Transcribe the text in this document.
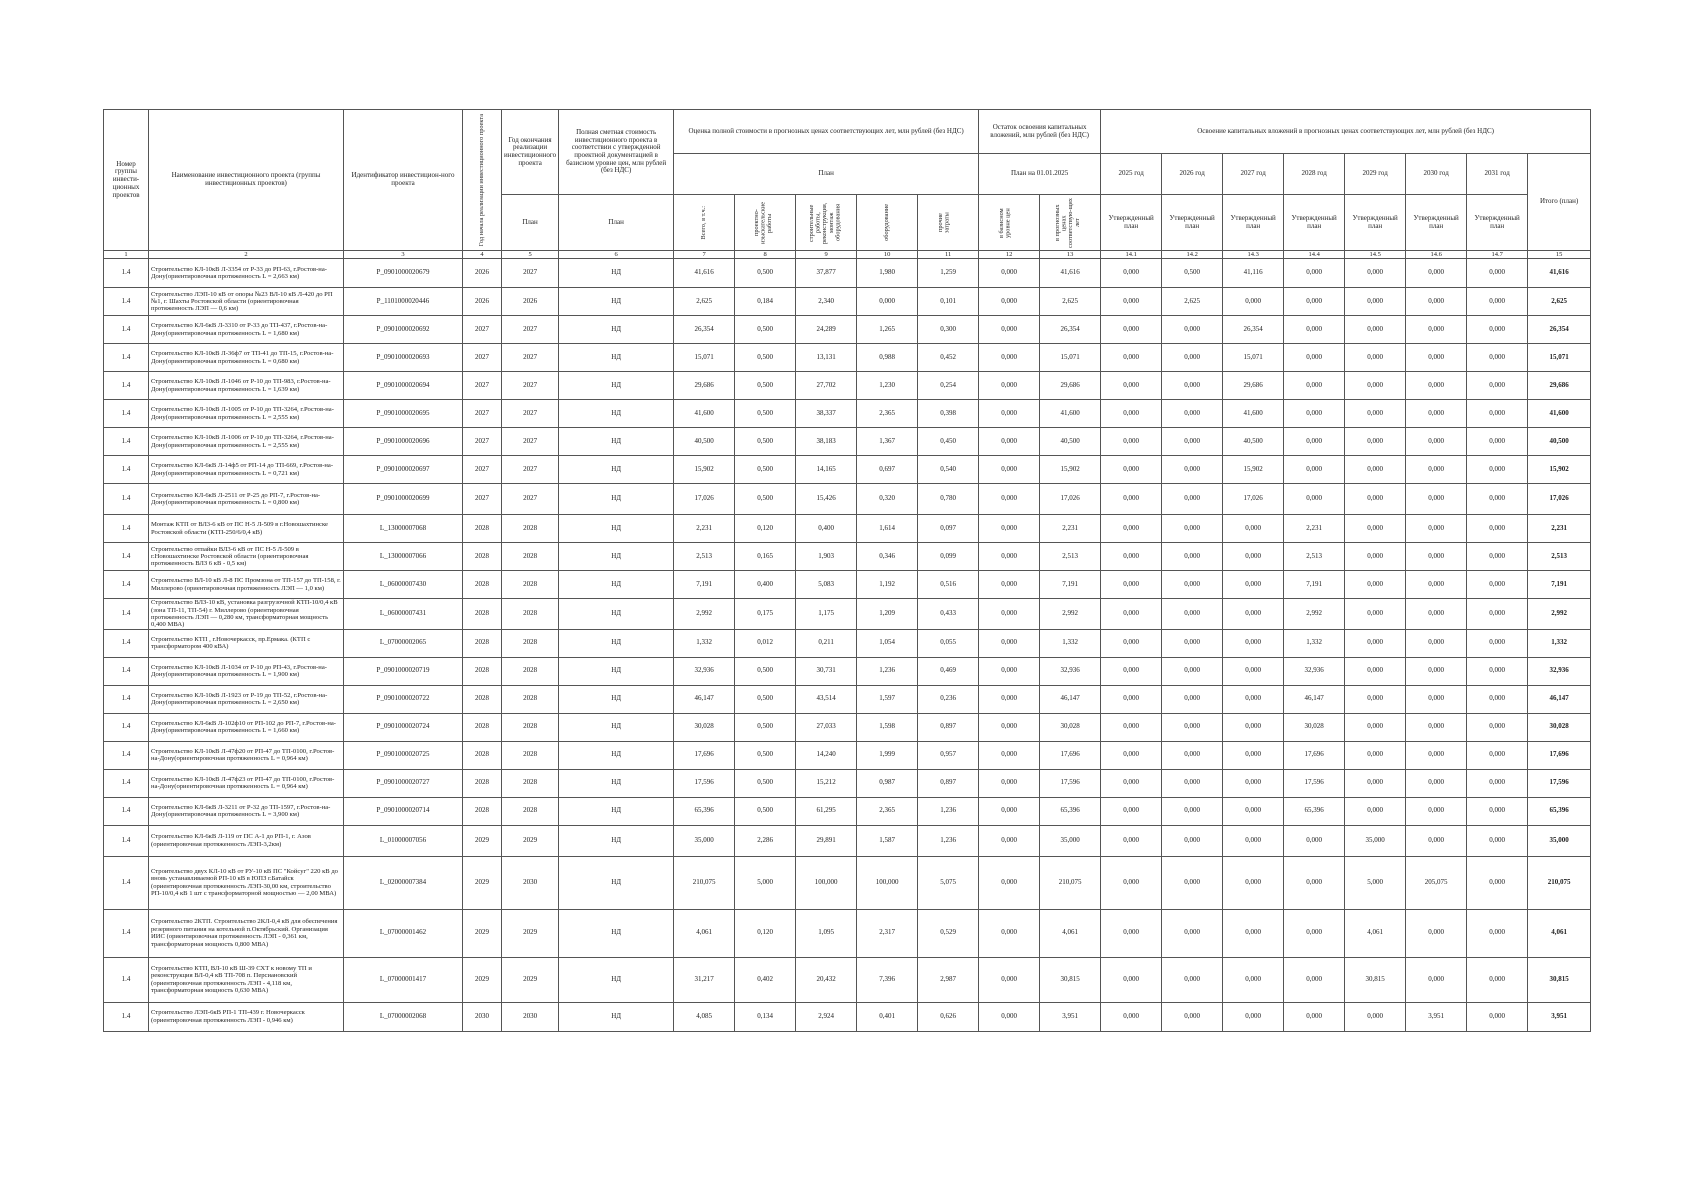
Номер группы инвести-ционных проектов	Наименование инвестиционного проекта (группы инвестиционных проектов)	Идентификатор инвестицион-ного проекта	Год начала реализации инвестиционного проекта	Год окончания реализации инвестиционного проекта	Полная сметная стоимость инвестиционного проекта в соответствии с утвержденной проектной документацией в базисном уровне цен, млн рублей (без НДС)	Оценка полной стоимости в прогнозных ценах соответствующих лет, млн рублей (без НДС)					Остаток освоения капитальных вложений, млн рублей (без НДС)		Освоение капитальных вложений в прогнозных ценах соответствующих лет, млн рублей (без НДС)							
						План					План на 01.01.2025		2025 год	2026 год	2027 год	2028 год	2029 год	2030 год	2031 год	Итого (план)
				План	План	Всего, в т.ч.:	проектно-изыскательские работы	строительные работы, реконструкция, монтаж оборудования	оборудование	прочие затраты	в базисном уровне цен	в прогнозных ценах соответствую-щих лет	Утвержденный план	Утвержденный план	Утвержденный план	Утвержденный план	Утвержденный план	Утвержденный план	Утвержденный план	
1	2	3	4	5	6	7	8	9	10	11	12	13	14.1	14.2	14.3	14.4	14.5	14.6	14.7	15
1.4	Строительство КЛ-10кВ Л-3354 от Р-33 до РП-63, г.Ростов-на-Дону(ориентировочная протяженность L = 2,663 км)	P_0901000020679	2026	2027	НД	41,616	0,500	37,877	1,980	1,259	0,000	41,616	0,000	0,500	41,116	0,000	0,000	0,000	0,000	41,616
1.4	Строительство ЛЭП-10 кВ от опоры №23 ВЛ-10 кВ Л-420 до РП №1, г. Шахты Ростовской области (ориентировочная протяженность ЛЭП — 0,6 км)	P_1101000020446	2026	2026	НД	2,625	0,184	2,340	0,000	0,101	0,000	2,625	0,000	2,625	0,000	0,000	0,000	0,000	0,000	2,625
1.4	Строительство КЛ-6кВ Л-3310 от Р-33 до ТП-437, г.Ростов-на-Дону(ориентировочная протяженность L = 1,680 км)	P_0901000020692	2027	2027	НД	26,354	0,500	24,289	1,265	0,300	0,000	26,354	0,000	0,000	26,354	0,000	0,000	0,000	0,000	26,354
1.4	Строительство КЛ-10кВ Л-36ф7 от ТП-41 до ТП-15, г.Ростов-на-Дону(ориентировочная протяженность L = 0,680 км)	P_0901000020693	2027	2027	НД	15,071	0,500	13,131	0,988	0,452	0,000	15,071	0,000	0,000	15,071	0,000	0,000	0,000	0,000	15,071
1.4	Строительство КЛ-10кВ Л-1046 от Р-10 до ТП-983, г.Ростов-на-Дону(ориентировочная протяженность L = 1,639 км)	P_0901000020694	2027	2027	НД	29,686	0,500	27,702	1,230	0,254	0,000	29,686	0,000	0,000	29,686	0,000	0,000	0,000	0,000	29,686
1.4	Строительство КЛ-10кВ Л-1005 от Р-10 до ТП-3264, г.Ростов-на-Дону(ориентировочная протяженность L = 2,555 км)	P_0901000020695	2027	2027	НД	41,600	0,500	38,337	2,365	0,398	0,000	41,600	0,000	0,000	41,600	0,000	0,000	0,000	0,000	41,600
1.4	Строительство КЛ-10кВ Л-1006 от Р-10 до ТП-3264, г.Ростов-на-Дону(ориентировочная протяженность L = 2,555 км)	P_0901000020696	2027	2027	НД	40,500	0,500	38,183	1,367	0,450	0,000	40,500	0,000	0,000	40,500	0,000	0,000	0,000	0,000	40,500
1.4	Строительство КЛ-6кВ Л-14ф5 от РП-14 до ТП-669, г.Ростов-на-Дону(ориентировочная протяженность L = 0,721 км)	P_0901000020697	2027	2027	НД	15,902	0,500	14,165	0,697	0,540	0,000	15,902	0,000	0,000	15,902	0,000	0,000	0,000	0,000	15,902
1.4	Строительство КЛ-6кВ Л-2511 от Р-25 до РП-7, г.Ростов-на-Дону(ориентировочная протяженность L = 0,800 км)	P_0901000020699	2027	2027	НД	17,026	0,500	15,426	0,320	0,780	0,000	17,026	0,000	0,000	17,026	0,000	0,000	0,000	0,000	17,026
1.4	Монтаж КТП от ВЛ3-6 кВ от ПС Н-5 Л-509 в г.Новошахтинске Ростовской области (КТП-250/6/0,4 кВ)	L_13000007068	2028	2028	НД	2,231	0,120	0,400	1,614	0,097	0,000	2,231	0,000	0,000	0,000	2,231	0,000	0,000	0,000	2,231
1.4	Строительство отпайки ВЛ3-6 кВ от ПС Н-5 Л-509 в г.Новошахтинске Ростовской области (ориентировочная протяженность ВЛЗ 6 кВ - 0,5 км)	L_13000007066	2028	2028	НД	2,513	0,165	1,903	0,346	0,099	0,000	2,513	0,000	0,000	0,000	2,513	0,000	0,000	0,000	2,513
1.4	Строительство ВЛ-10 кВ Л-8 ПС Промзона от ТП-157 до ТП-158, г. Миллерово (ориентировочная протяженность ЛЭП — 1,0 км)	L_06000007430	2028	2028	НД	7,191	0,400	5,083	1,192	0,516	0,000	7,191	0,000	0,000	0,000	7,191	0,000	0,000	0,000	7,191
1.4	Строительство ВЛЗ-10 кВ, установка разгрузочной КТП-10/0,4 кВ (зона ТП-11, ТП-54) г. Миллерово (ориентировочная протяженность ЛЭП — 0,280 км, трансформаторная мощность 0,400 МВА)	L_06000007431	2028	2028	НД	2,992	0,175	1,175	1,209	0,433	0,000	2,992	0,000	0,000	0,000	2,992	0,000	0,000	0,000	2,992
1.4	Строительство КТП , г.Новочеркасск, пр.Ермака. (КТП с трансформатором 400 кВА)	L_07000002065	2028	2028	НД	1,332	0,012	0,211	1,054	0,055	0,000	1,332	0,000	0,000	0,000	1,332	0,000	0,000	0,000	1,332
1.4	Строительство КЛ-10кВ Л-1034 от Р-10 до РП-43, г.Ростов-на-Дону(ориентировочная протяженность L = 1,900 км)	P_0901000020719	2028	2028	НД	32,936	0,500	30,731	1,236	0,469	0,000	32,936	0,000	0,000	0,000	32,936	0,000	0,000	0,000	32,936
1.4	Строительство КЛ-10кВ Л-1923 от Р-19 до ТП-52, г.Ростов-на-Дону(ориентировочная протяженность L = 2,650 км)	P_0901000020722	2028	2028	НД	46,147	0,500	43,514	1,597	0,236	0,000	46,147	0,000	0,000	0,000	46,147	0,000	0,000	0,000	46,147
1.4	Строительство КЛ-6кВ Л-102ф10 от РП-102 до РП-7, г.Ростов-на-Дону(ориентировочная протяженность L = 1,660 км)	P_0901000020724	2028	2028	НД	30,028	0,500	27,033	1,598	0,897	0,000	30,028	0,000	0,000	0,000	30,028	0,000	0,000	0,000	30,028
1.4	Строительство КЛ-10кВ Л-47ф20 от РП-47 до ТП-0100, г.Ростов-на-Дону(ориентировочная протяженность L = 0,964 км)	P_0901000020725	2028	2028	НД	17,696	0,500	14,240	1,999	0,957	0,000	17,696	0,000	0,000	0,000	17,696	0,000	0,000	0,000	17,696
1.4	Строительство КЛ-10кВ Л-47ф23 от РП-47 до ТП-0100, г.Ростов-на-Дону(ориентировочная протяженность L = 0,964 км)	P_0901000020727	2028	2028	НД	17,596	0,500	15,212	0,987	0,897	0,000	17,596	0,000	0,000	0,000	17,596	0,000	0,000	0,000	17,596
1.4	Строительство КЛ-6кВ Л-3211 от Р-32 до ТП-1597, г.Ростов-на-Дону(ориентировочная протяженность L = 3,900 км)	P_0901000020714	2028	2028	НД	65,396	0,500	61,295	2,365	1,236	0,000	65,396	0,000	0,000	0,000	65,396	0,000	0,000	0,000	65,396
1.4	Строительство КЛ-6кВ Л-119 от ПС А-1 до РП-1, г. Азов (ориентировочная протяженность ЛЭП-3,2км)	L_01000007056	2029	2029	НД	35,000	2,286	29,891	1,587	1,236	0,000	35,000	0,000	0,000	0,000	0,000	35,000	0,000	0,000	35,000
1.4	Строительство двух КЛ-10 кВ от РУ-10 кВ ПС "Койсуг" 220 кВ до вновь устанавливаемой РП-10 кВ в ЮПЗ г.Батайск (ориентировочная протяженность ЛЭП-30,00 км, строительство РП-10/0,4 кВ 1 шт с трансформаторной мощностью — 2,00 МВА)	L_02000007384	2029	2030	НД	210,075	5,000	100,000	100,000	5,075	0,000	210,075	0,000	0,000	0,000	0,000	5,000	205,075	0,000	210,075
1.4	Строительство 2КТП. Строительство 2КЛ-0,4 кВ для обеспечения резервного питания на котельной п.Октябрьский. Организация ИИС (ориентировочная протяженность ЛЭП - 0,361 км, трансформаторная мощность 0,800 МВА)	L_07000001462	2029	2029	НД	4,061	0,120	1,095	2,317	0,529	0,000	4,061	0,000	0,000	0,000	0,000	4,061	0,000	0,000	4,061
1.4	Строительство КТП, ВЛ-10 кВ Ш-39 СХТ к новому ТП и реконструкция ВЛ-0,4 кВ ТП-708 п. Персиановский (ориентировочная протяженность ЛЭП - 4,118 км, трансформаторная мощность 0,630 МВА)	L_07000001417	2029	2029	НД	31,217	0,402	20,432	7,396	2,987	0,000	30,815	0,000	0,000	0,000	0,000	30,815	0,000	0,000	30,815
1.4	Строительство ЛЭП-6кВ РП-1 ТП-439 г. Новочеркасск (ориентировочная протяженность ЛЭП - 0,946 км)	L_07000002068	2030	2030	НД	4,085	0,134	2,924	0,401	0,626	0,000	3,951	0,000	0,000	0,000	0,000	0,000	3,951	0,000	3,951
